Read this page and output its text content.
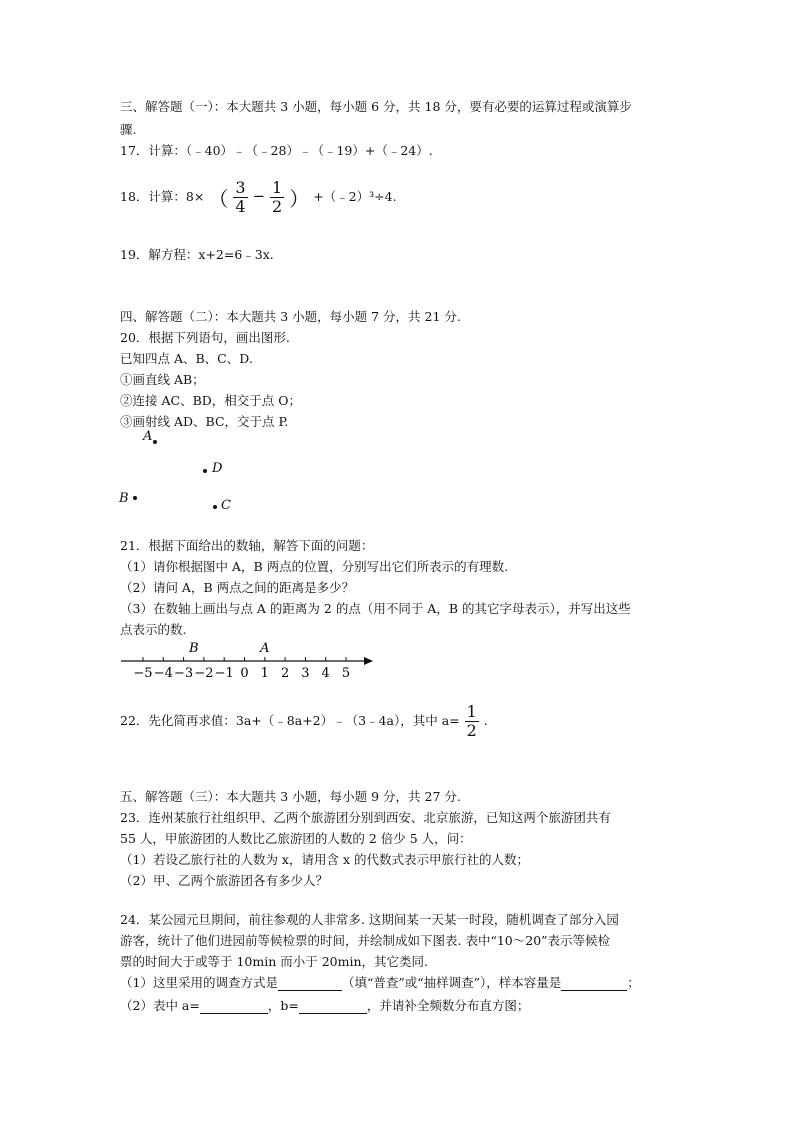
三、解答题（一）：本大题共 3 小题，每小题 6 分，共 18 分，要有必要的运算过程或演算步
骤.
17．计算：（﹣40）﹣（﹣28）﹣（﹣19）+（﹣24）.
18．计算：8× （ $\frac{3}{4} - \frac{1}{2}$ ） +（﹣2）³÷4.
19．解方程：x+2=6﹣3x.
四、解答题（二）：本大题共 3 小题，每小题 7 分，共 21 分.
20．根据下列语句，画出图形.
已知四点 A、B、C、D.
①画直线 AB；
②连接 AC、BD，相交于点 O；
③画射线 AD、BC，交于点 P.
A
D
B	C
21．根据下面给出的数轴，解答下面的问题：
（1）请你根据图中 A，B 两点的位置，分别写出它们所表示的有理数.
（2）请问 A，B 两点之间的距离是多少？
（3）在数轴上画出与点 A 的距离为 2 的点（用不同于 A，B 的其它字母表示），并写出这些
点表示的数.
−5 −4 −3 −2 −1 0 1 2 3 4 5
A
B
22．先化简再求值：3a+（﹣8a+2）﹣（3﹣4a），其中 $a= \frac{1}{2}$ .
五、解答题（三）：本大题共 3 小题，每小题 9 分，共 27 分.
23．连州某旅行社组织甲、乙两个旅游团分别到西安、北京旅游，已知这两个旅游团共有
55 人，甲旅游团的人数比乙旅游团的人数的 2 倍少 5 人，问：
（1）若设乙旅行社的人数为 x，请用含 x 的代数式表示甲旅行社的人数；
（2）甲、乙两个旅游团各有多少人？
24．某公园元旦期间，前往参观的人非常多. 这期间某一天某一时段，随机调查了部分入园
游客，统计了他们进园前等候检票的时间，并绘制成如下图表. 表中“10～20”表示等候检
票的时间大于或等于 10min 而小于 20min，其它类同.
（1）这里采用的调查方式是	（填“普查”或“抽样调查”），样本容量是	；
（2）表中 a=	，b=	，并请补全频数分布直方图；
